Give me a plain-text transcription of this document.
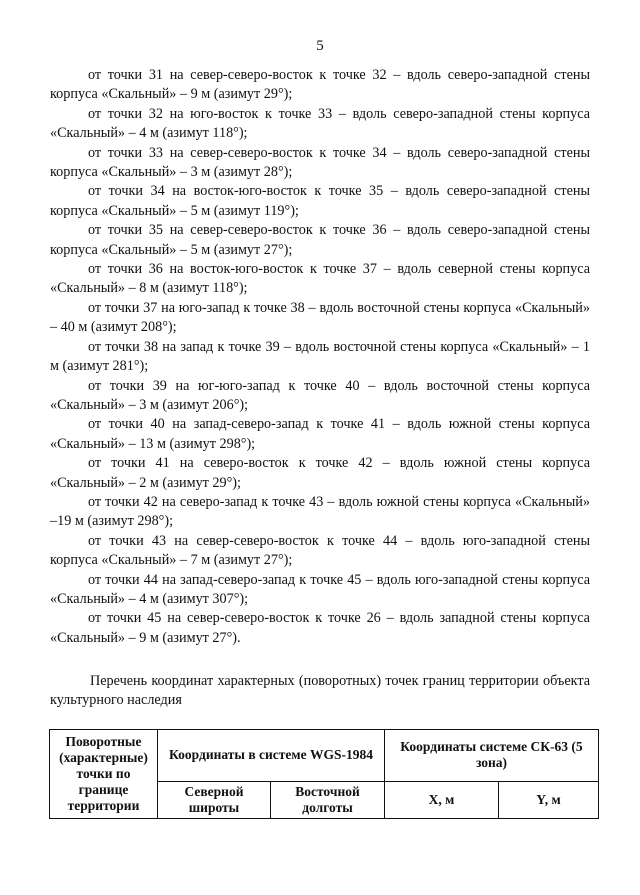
5

от точки 31 на север-северо-восток к точке 32 – вдоль северо-западной стены корпуса «Скальный» – 9 м (азимут 29°);

от точки 32 на юго-восток к точке 33 – вдоль северо-западной стены корпуса «Скальный» – 4 м (азимут 118°);

от точки 33 на север-северо-восток к точке 34 – вдоль северо-западной стены корпуса «Скальный» – 3 м (азимут 28°);

от точки 34 на восток-юго-восток к точке 35 – вдоль северо-западной стены корпуса «Скальный» – 5 м (азимут 119°);

от точки 35 на север-северо-восток к точке 36 – вдоль северо-западной стены корпуса «Скальный» – 5 м (азимут 27°);

от точки 36 на восток-юго-восток к точке 37 – вдоль северной стены корпуса «Скальный» – 8 м (азимут 118°);

от точки 37 на юго-запад к точке 38 – вдоль восточной стены корпуса «Скальный» – 40 м (азимут 208°);

от точки 38 на запад к точке 39 – вдоль восточной стены корпуса «Скальный» – 1 м (азимут 281°);

от точки 39 на юг-юго-запад к точке 40 – вдоль восточной стены корпуса «Скальный» – 3 м (азимут 206°);

от точки 40 на запад-северо-запад к точке 41 – вдоль южной стены корпуса «Скальный» – 13 м (азимут 298°);

от точки 41 на северо-восток к точке 42 – вдоль южной стены корпуса «Скальный» – 2 м (азимут 29°);

от точки 42 на северо-запад к точке 43 – вдоль южной стены корпуса «Скальный» –19 м (азимут 298°);

от точки 43 на север-северо-восток к точке 44 – вдоль юго-западной стены корпуса «Скальный» – 7 м (азимут 27°);

от точки 44 на запад-северо-запад к точке 45 – вдоль юго-западной стены корпуса «Скальный» – 4 м (азимут 307°);

от точки 45 на север-северо-восток к точке 26 – вдоль западной стены корпуса «Скальный» – 9 м (азимут 27°).

Перечень координат характерных (поворотных) точек границ территории объекта культурного наследия

Поворотные (характерные) точки по границе территории	Координаты в системе WGS-1984		Координаты системе СК-63 (5 зона)	
	Северной широты	Восточной долготы	X, м	Y, м
